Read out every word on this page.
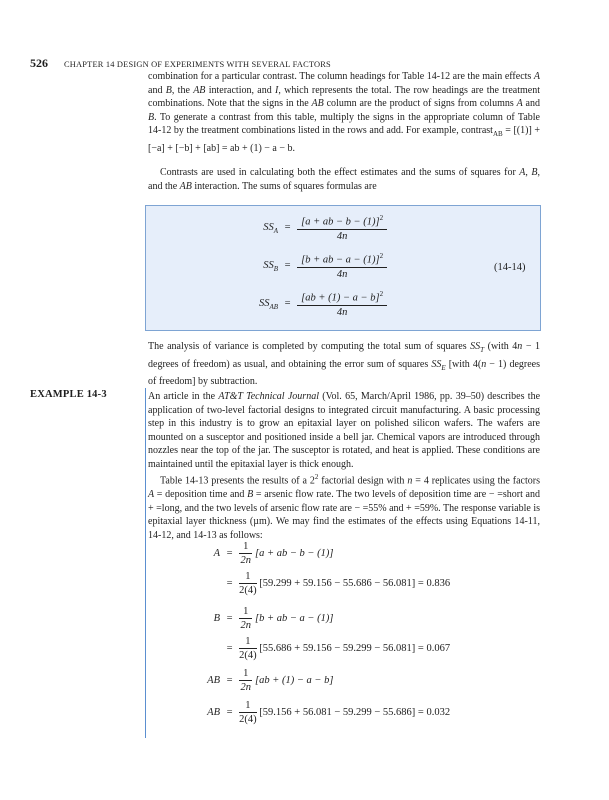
526 CHAPTER 14 DESIGN OF EXPERIMENTS WITH SEVERAL FACTORS

combination for a particular contrast. The column headings for Table 14-12 are the main effects A and B, the AB interaction, and I, which represents the total. The row headings are the treatment combinations. Note that the signs in the AB column are the product of signs from columns A and B. To generate a contrast from this table, multiply the signs in the appropriate column of Table 14-12 by the treatment combinations listed in the rows and add. For example, contrast$_{AB}$ = [(1)] + [−a] + [−b] + [ab] = ab + (1) − a − b.

Contrasts are used in calculating both the effect estimates and the sums of squares for A, B, and the AB interaction. The sums of squares formulas are

$SS_A = \frac{[a + ab - b - (1)]^2}{4n}$
$SS_B = \frac{[b + ab - a - (1)]^2}{4n}$
$SS_{AB} = \frac{[ab + (1) - a - b]^2}{4n}$
(14-14)

The analysis of variance is completed by computing the total sum of squares $SS_T$ (with 4n − 1 degrees of freedom) as usual, and obtaining the error sum of squares $SS_E$ [with 4(n − 1) degrees of freedom] by subtraction.

EXAMPLE 14-3	An article in the AT&T Technical Journal (Vol. 65, March/April 1986, pp. 39–50) describes the application of two-level factorial designs to integrated circuit manufacturing. A basic processing step in this industry is to grow an epitaxial layer on polished silicon wafers. The wafers are mounted on a susceptor and positioned inside a bell jar. Chemical vapors are introduced through nozzles near the top of the jar. The susceptor is rotated, and heat is applied. These conditions are maintained until the epitaxial layer is thick enough.

Table 14-13 presents the results of a $2^2$ factorial design with n = 4 replicates using the factors A = deposition time and B = arsenic flow rate. The two levels of deposition time are − =short and + =long, and the two levels of arsenic flow rate are − =55% and + =59%. The response variable is epitaxial layer thickness (µm). We may find the estimates of the effects using Equations 14-11, 14-12, and 14-13 as follows:

$A = \frac{1}{2n} [a$ + ab − b − (1)]
= $\frac{1}{2(4)} [59.299 + 59.156 - 55.686 - 56.081] = 0.836$
$B = \frac{1}{2n} [b$ + ab − a − (1)]
= $\frac{1}{2(4)} [55.686 + 59.156 - 59.299 - 56.081] = 0.067$
AB = $\frac{1}{2n} [ab + (1) - a - b]$
AB = $\frac{1}{2(4)} [59.156 + 56.081 - 59.299 - 55.686] = 0.032$
